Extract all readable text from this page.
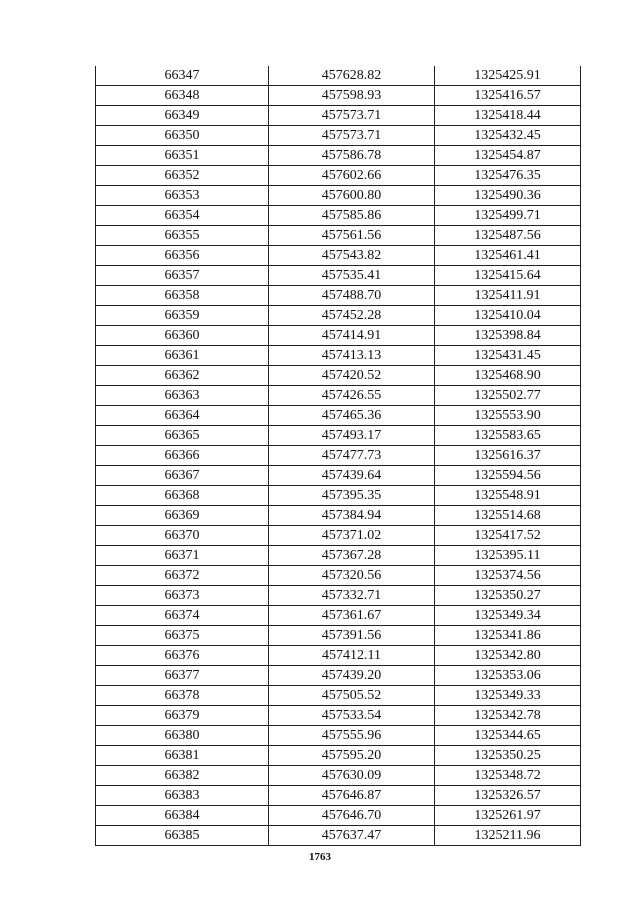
66347	457628.82	1325425.91
66348	457598.93	1325416.57
66349	457573.71	1325418.44
66350	457573.71	1325432.45
66351	457586.78	1325454.87
66352	457602.66	1325476.35
66353	457600.80	1325490.36
66354	457585.86	1325499.71
66355	457561.56	1325487.56
66356	457543.82	1325461.41
66357	457535.41	1325415.64
66358	457488.70	1325411.91
66359	457452.28	1325410.04
66360	457414.91	1325398.84
66361	457413.13	1325431.45
66362	457420.52	1325468.90
66363	457426.55	1325502.77
66364	457465.36	1325553.90
66365	457493.17	1325583.65
66366	457477.73	1325616.37
66367	457439.64	1325594.56
66368	457395.35	1325548.91
66369	457384.94	1325514.68
66370	457371.02	1325417.52
66371	457367.28	1325395.11
66372	457320.56	1325374.56
66373	457332.71	1325350.27
66374	457361.67	1325349.34
66375	457391.56	1325341.86
66376	457412.11	1325342.80
66377	457439.20	1325353.06
66378	457505.52	1325349.33
66379	457533.54	1325342.78
66380	457555.96	1325344.65
66381	457595.20	1325350.25
66382	457630.09	1325348.72
66383	457646.87	1325326.57
66384	457646.70	1325261.97
66385	457637.47	1325211.96
1763
